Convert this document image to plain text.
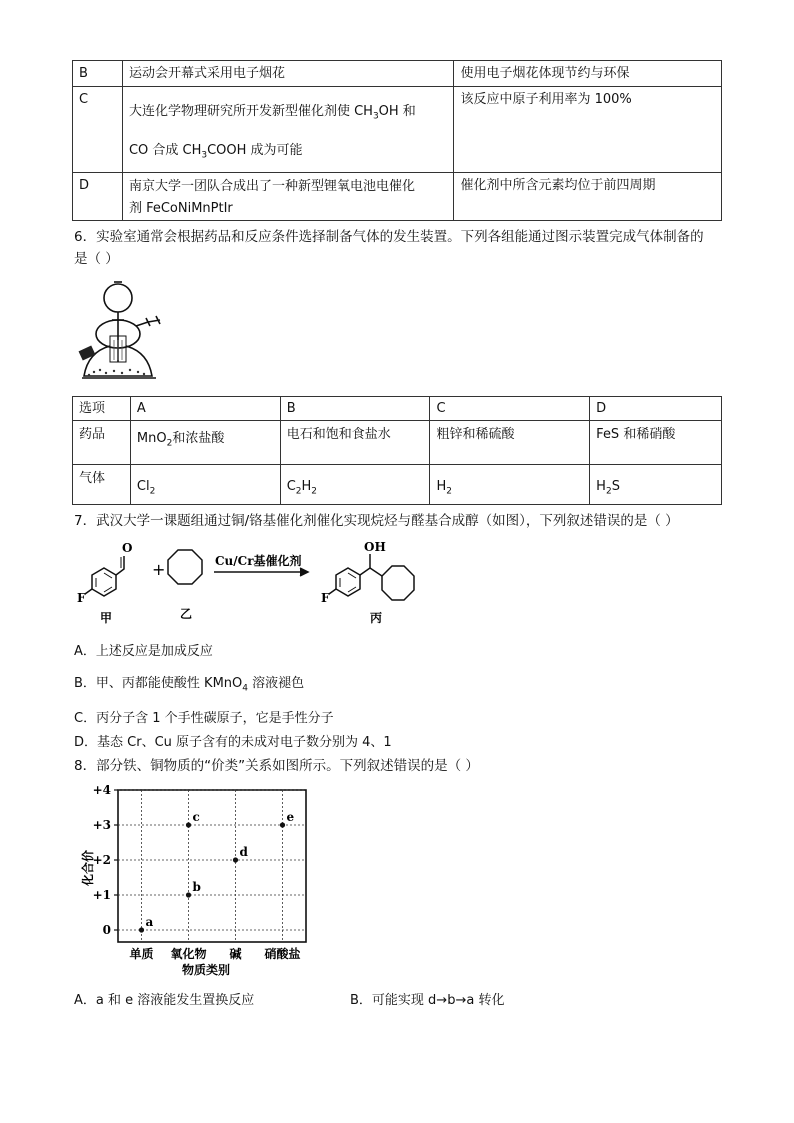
B	运动会开幕式采用电子烟花	使用电子烟花体现节约与环保
C	大连化学物理研究所开发新型催化剂使 $CH_3OH$ 和
CO 合成 $CH_3COOH$ 成为可能	该反应中原子利用率为 100%
D	南京大学一团队合成出了一种新型锂氧电池电催化
剂 FeCoNiMnPtIr	催化剂中所含元素均位于前四周期
6．实验室通常会根据药品和反应条件选择制备气体的发生装置。下列各组能通过图示装置完成气体制备的
是（ ）
选项	A	B	C	D
药品	MnO$_2$和浓盐酸	电石和饱和食盐水	粗锌和稀硫酸	FeS 和稀硝酸
气体	$Cl_2$	$C_2H_2$	$H_2$	$H_2S$
7．武汉大学一课题组通过铜/铬基催化剂催化实现烷烃与醛基合成醇（如图），下列叙述错误的是（ ）
O
F
甲
+
乙
Cu/Cr基催化剂
OH
F
丙
A．上述反应是加成反应
B．甲、丙都能使酸性 KMnO$_4$ 溶液褪色
C．丙分子含 1 个手性碳原子，它是手性分子
D．基态 Cr、Cu 原子含有的未成对电子数分别为 4、1
8．部分铁、铜物质的“价类”关系如图所示。下列叙述错误的是（ ）
0
+1
+2
+3
+4
单质 氧化物 碱 硝酸盐
a
b
c
d
e
化合价
物质类别
A．a 和 e 溶液能发生置换反应	B．可能实现 d→b→a 转化
